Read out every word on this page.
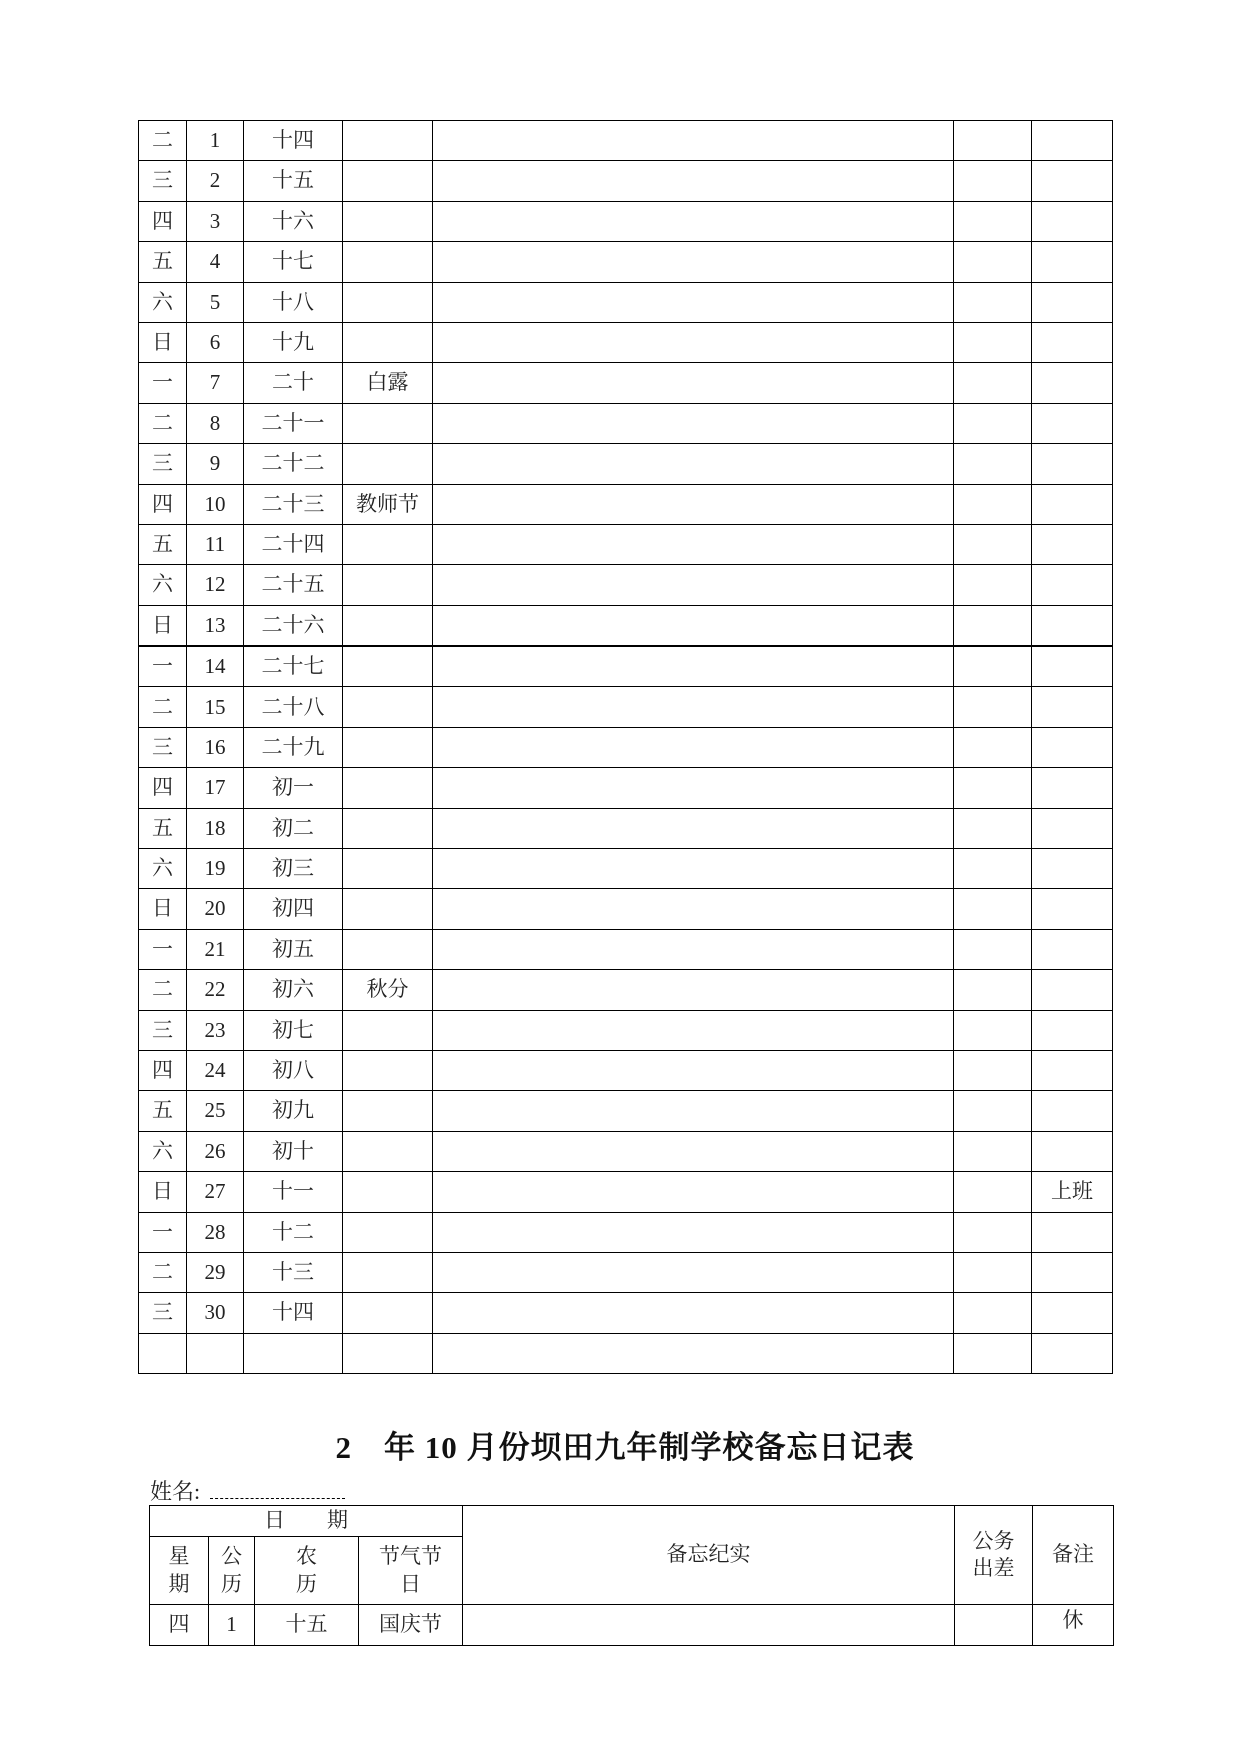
二	1	十四				
三	2	十五				
四	3	十六				
五	4	十七				
六	5	十八				
日	6	十九				
一	7	二十	白露			
二	8	二十一				
三	9	二十二				
四	10	二十三	教师节			
五	11	二十四				
六	12	二十五				
日	13	二十六				
一	14	二十七				
二	15	二十八				
三	16	二十九				
四	17	初一				
五	18	初二				
六	19	初三				
日	20	初四				
一	21	初五				
二	22	初六	秋分			
三	23	初七				
四	24	初八				
五	25	初九				
六	26	初十				
日	27	十一				上班
一	28	十二				
二	29	十三				
三	30	十四				

2　年 10 月份坝田九年制学校备忘日记表
姓名:
日　　期				备忘纪实	公务出差	备注
星期	公历	农历	节气节日			
四	1	十五	国庆节			休
